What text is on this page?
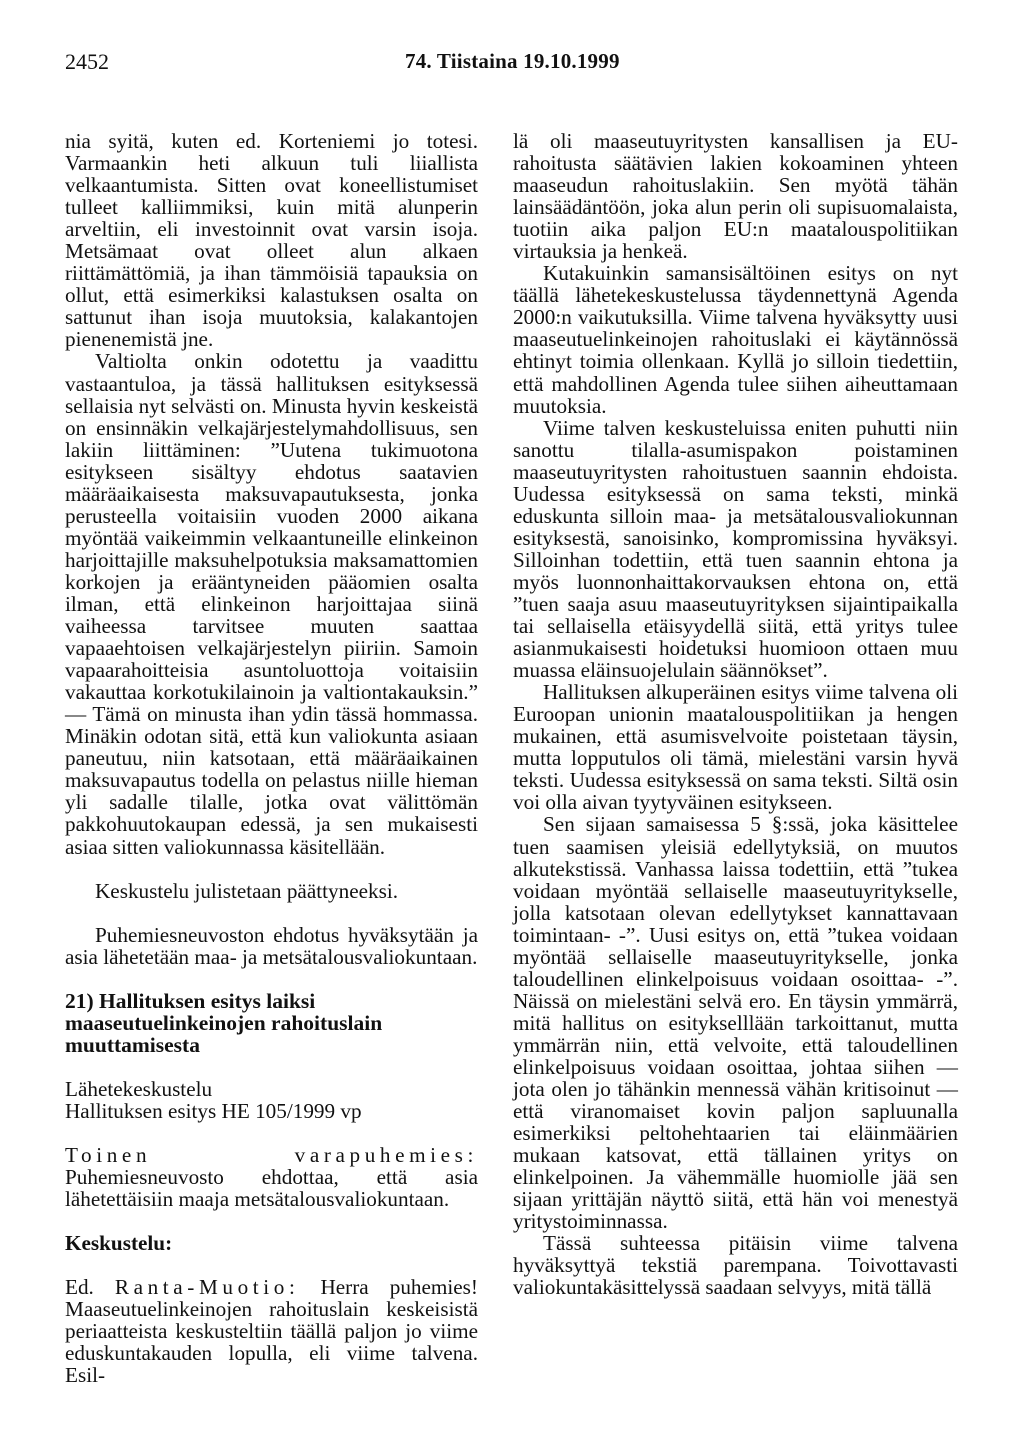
2452	74. Tiistaina 19.10.1999

nia syitä, kuten ed. Korteniemi jo totesi. Varmaankin heti alkuun tuli liiallista velkaantumista. Sitten ovat koneellistumiset tulleet kalliimmiksi, kuin mitä alunperin arveltiin, eli investoinnit ovat varsin isoja. Metsämaat ovat olleet alun alkaen riittämättömiä, ja ihan tämmöisiä tapauksia on ollut, että esimerkiksi kalastuksen osalta on sattunut ihan isoja muutoksia, kalakantojen pienenemistä jne.

Valtiolta onkin odotettu ja vaadittu vastaantuloa, ja tässä hallituksen esityksessä sellaisia nyt selvästi on. Minusta hyvin keskeistä on ensinnäkin velkajärjestelymahdollisuus, sen lakiin liittäminen: ”Uutena tukimuotona esitykseen sisältyy ehdotus saatavien määräaikaisesta maksuvapautuksesta, jonka perusteella voitaisiin vuoden 2000 aikana myöntää vaikeimmin velkaantuneille elinkeinon harjoittajille maksuhelpotuksia maksamattomien korkojen ja erääntyneiden pääomien osalta ilman, että elinkeinon harjoittajaa siinä vaiheessa tarvitsee muuten saattaa vapaaehtoisen velkajärjestelyn piiriin. Samoin vapaarahoitteisia asuntoluottoja voitaisiin vakauttaa korkotukilainoin ja valtiontakauksin.” — Tämä on minusta ihan ydin tässä hommassa. Minäkin odotan sitä, että kun valiokunta asiaan paneutuu, niin katsotaan, että määräaikainen maksuvapautus todella on pelastus niille hieman yli sadalle tilalle, jotka ovat välittömän pakkohuutokaupan edessä, ja sen mukaisesti asiaa sitten valiokunnassa käsitellään.

Keskustelu julistetaan päättyneeksi.

Puhemiesneuvoston ehdotus hyväksytään ja asia lähetetään maa- ja metsätalousvaliokuntaan.

21) Hallituksen esitys laiksi maaseutuelinkeinojen rahoituslain muuttamisesta

Lähetekeskustelu

Hallituksen esitys HE 105/1999 vp

Toinen varapuhemies: Puhemiesneuvosto ehdottaa, että asia lähetettäisiin maaja metsätalousvaliokuntaan.

Keskustelu:

Ed. Ranta-Muotio: Herra puhemies! Maaseutuelinkeinojen rahoituslain keskeisistä periaatteista keskusteltiin täällä paljon jo viime eduskuntakauden lopulla, eli viime talvena. Esil-

lä oli maaseutuyritysten kansallisen ja EU-rahoitusta säätävien lakien kokoaminen yhteen maaseudun rahoituslakiin. Sen myötä tähän lainsäädäntöön, joka alun perin oli supisuomalaista, tuotiin aika paljon EU:n maatalouspolitiikan virtauksia ja henkeä.

Kutakuinkin samansisältöinen esitys on nyt täällä lähetekeskustelussa täydennettynä Agenda 2000:n vaikutuksilla. Viime talvena hyväksytty uusi maaseutuelinkeinojen rahoituslaki ei käytännössä ehtinyt toimia ollenkaan. Kyllä jo silloin tiedettiin, että mahdollinen Agenda tulee siihen aiheuttamaan muutoksia.

Viime talven keskusteluissa eniten puhutti niin sanottu tilalla-asumispakon poistaminen maaseutuyritysten rahoitustuen saannin ehdoista. Uudessa esityksessä on sama teksti, minkä eduskunta silloin maa- ja metsätalousvaliokunnan esityksestä, sanoisinko, kompromissina hyväksyi. Silloinhan todettiin, että tuen saannin ehtona ja myös luonnonhaittakorvauksen ehtona on, että ”tuen saaja asuu maaseutuyrityksen sijaintipaikalla tai sellaisella etäisyydellä siitä, että yritys tulee asianmukaisesti hoidetuksi huomioon ottaen muu muassa eläinsuojelulain säännökset”.

Hallituksen alkuperäinen esitys viime talvena oli Euroopan unionin maatalouspolitiikan ja hengen mukainen, että asumisvelvoite poistetaan täysin, mutta lopputulos oli tämä, mielestäni varsin hyvä teksti. Uudessa esityksessä on sama teksti. Siltä osin voi olla aivan tyytyväinen esitykseen.

Sen sijaan samaisessa 5 §:ssä, joka käsittelee tuen saamisen yleisiä edellytyksiä, on muutos alkutekstissä. Vanhassa laissa todettiin, että ”tukea voidaan myöntää sellaiselle maaseutuyritykselle, jolla katsotaan olevan edellytykset kannattavaan toimintaan- -”. Uusi esitys on, että ”tukea voidaan myöntää sellaiselle maaseutuyritykselle, jonka taloudellinen elinkelpoisuus voidaan osoittaa- -”. Näissä on mielestäni selvä ero. En täysin ymmärrä, mitä hallitus on esitykselllään tarkoittanut, mutta ymmärrän niin, että velvoite, että taloudellinen elinkelpoisuus voidaan osoittaa, johtaa siihen — jota olen jo tähänkin mennessä vähän kritisoinut — että viranomaiset kovin paljon sapluunalla esimerkiksi peltohehtaarien tai eläinmäärien mukaan katsovat, että tällainen yritys on elinkelpoinen. Ja vähemmälle huomiolle jää sen sijaan yrittäjän näyttö siitä, että hän voi menestyä yritystoiminnassa.

Tässä suhteessa pitäisin viime talvena hyväksyttyä tekstiä parempana. Toivottavasti valiokuntakäsittelyssä saadaan selvyys, mitä tällä
